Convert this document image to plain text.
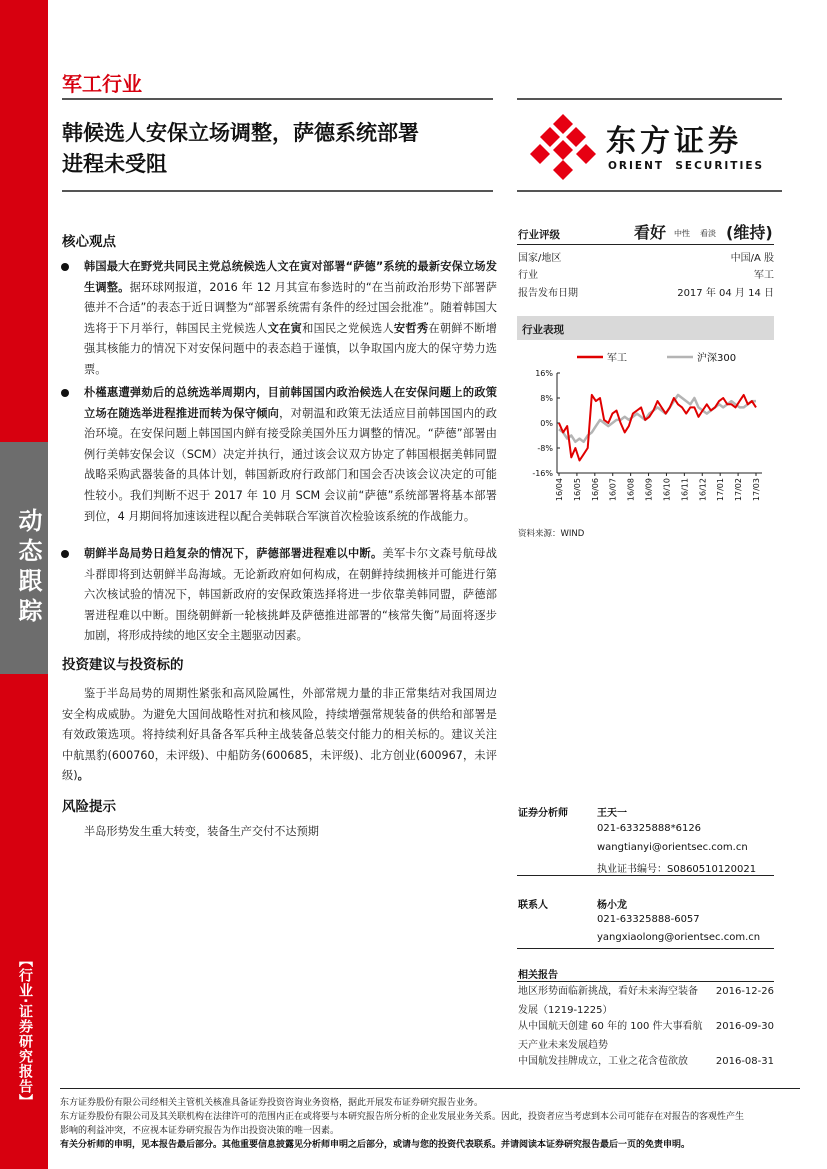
动态跟踪
【行业·证券研究报告】
军工行业
韩候选人安保立场调整，萨德系统部署
进程未受阻
东方证券
ORIENT  SECURITIES
核心观点
韩国最大在野党共同民主党总统候选人文在寅对部署“萨德”系统的最新安保立场发生调整。据环球网报道，2016 年 12 月其宣布参选时的“在当前政治形势下部署萨德并不合适”的表态于近日调整为“部署系统需有条件的经过国会批准”。随着韩国大选将于下月举行，韩国民主党候选人文在寅和国民之党候选人安哲秀在朝鲜不断增强其核能力的情况下对安保问题中的表态趋于谨慎，以争取国内庞大的保守势力选票。
朴槿惠遭弹劾后的总统选举周期内，目前韩国国内政治候选人在安保问题上的政策立场在随选举进程推进而转为保守倾向，对朝温和政策无法适应目前韩国国内的政治环境。在安保问题上韩国国内鲜有接受除美国外压力调整的情况。“萨德”部署由例行美韩安保会议（SCM）决定并执行，通过该会议双方协定了韩国根据美韩同盟战略采购武器装备的具体计划，韩国新政府行政部门和国会否决该会议决定的可能性较小。我们判断不迟于 2017 年 10 月 SCM 会议前“萨德”系统部署将基本部署到位，4 月期间将加速该进程以配合美韩联合军演首次检验该系统的作战能力。
朝鲜半岛局势日趋复杂的情况下，萨德部署进程难以中断。美军卡尔文森号航母战斗群即将到达朝鲜半岛海域。无论新政府如何构成，在朝鲜持续拥核并可能进行第六次核试验的情况下，韩国新政府的安保政策选择将进一步依靠美韩同盟，萨德部署进程难以中断。围绕朝鲜新一轮核挑衅及萨德推进部署的“核常失衡”局面将逐步加剧，将形成持续的地区安全主题驱动因素。
投资建议与投资标的
鉴于半岛局势的周期性紧张和高风险属性，外部常规力量的非正常集结对我国周边安全构成威胁。为避免大国间战略性对抗和核风险，持续增强常规装备的供给和部署是有效政策选项。将持续利好具备各军兵种主战装备总装交付能力的相关标的。建议关注中航黑豹(600760，未评级)、中船防务(600685，未评级)、北方创业(600967，未评级)。
风险提示
半岛形势发生重大转变，装备生产交付不达预期
行业评级	看好 中性 看淡 (维持)
国家/地区	中国/A 股
行业	军工
报告发布日期	2017 年 04 月 14 日
行业表现
军工	沪深300
16%
8%
0%
-8%
-16%
16/04 16/05 16/06 16/07 16/08 16/09 16/10 16/11 16/12 17/01 17/02 17/03
资料来源：WIND
证券分析师	王天一
021-63325888*6126
wangtianyi@orientsec.com.cn
执业证书编号：S0860510120021
联系人	杨小龙
021-63325888-6057
yangxiaolong@orientsec.com.cn
相关报告
地区形势面临新挑战，看好未来海空装备
发展（1219-1225）
2016-12-26
从中国航天创建 60 年的 100 件大事看航
天产业未来发展趋势
2016-09-30
中国航发挂牌成立，工业之花含苞欲放	2016-08-31
东方证券股份有限公司经相关主管机关核准具备证券投资咨询业务资格，据此开展发布证券研究报告业务。
东方证券股份有限公司及其关联机构在法律许可的范围内正在或将要与本研究报告所分析的企业发展业务关系。因此，投资者应当考虑到本公司可能存在对报告的客观性产生
影响的利益冲突，不应视本证券研究报告为作出投资决策的唯一因素。
有关分析师的申明，见本报告最后部分。其他重要信息披露见分析师申明之后部分，或请与您的投资代表联系。并请阅读本证券研究报告最后一页的免责申明。
